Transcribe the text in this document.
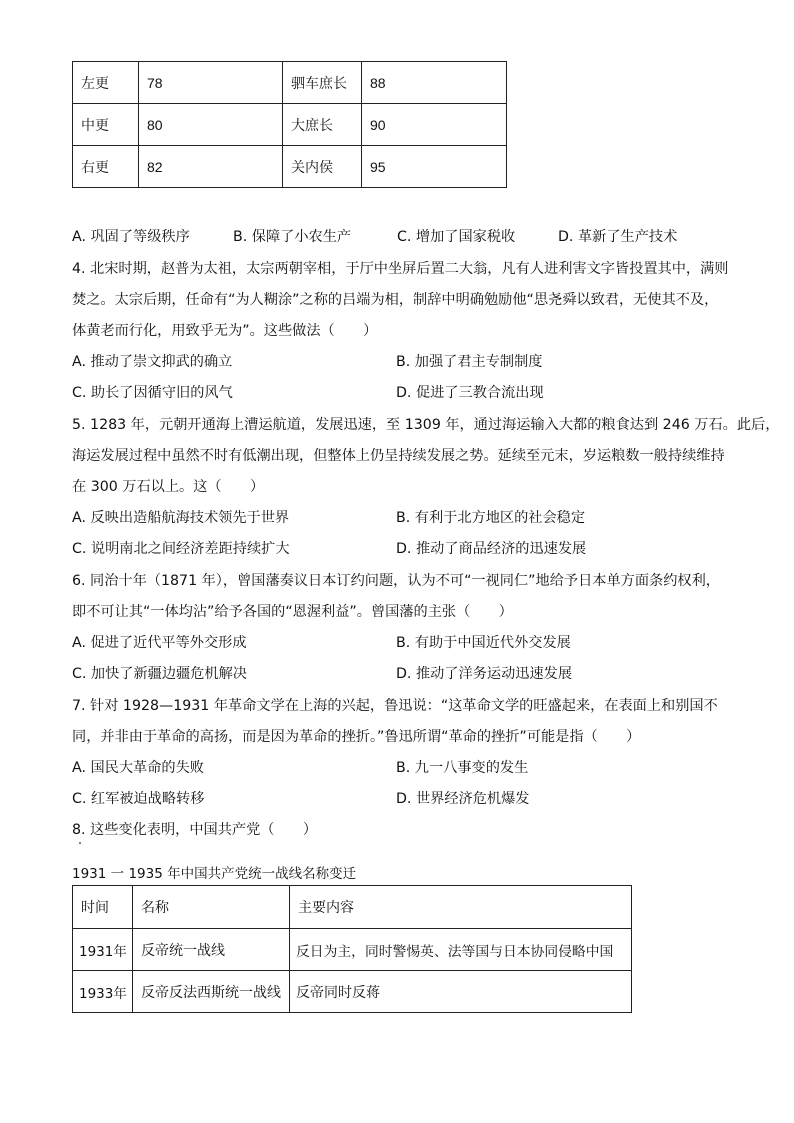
左更	78	驷车庶长	88
中更	80	大庶长	90
右更	82	关内侯	95
A. 巩固了等级秩序	B. 保障了小农生产	C. 增加了国家税收	D. 革新了生产技术
4. 北宋时期，赵普为太祖，太宗两朝宰相，于厅中坐屏后置二大翁，凡有人进利害文字皆投置其中，满则
焚之。太宗后期，任命有“为人糊涂”之称的吕端为相，制辞中明确勉励他“思尧舜以致君，无使其不及，
体黄老而行化，用致乎无为”。这些做法（　　）
A. 推动了崇文抑武的确立	B. 加强了君主专制制度
C. 助长了因循守旧的风气	D. 促进了三教合流出现
5. 1283 年，元朝开通海上漕运航道，发展迅速，至 1309 年，通过海运输入大都的粮食达到 246 万石。此后，
海运发展过程中虽然不时有低潮出现，但整体上仍呈持续发展之势。延续至元末，岁运粮数一般持续维持
在 300 万石以上。这（　　）
A. 反映出造船航海技术领先于世界	B. 有利于北方地区的社会稳定
C. 说明南北之间经济差距持续扩大	D. 推动了商品经济的迅速发展
6. 同治十年（1871 年），曾国藩奏议日本订约问题，认为不可“一视同仁”地给予日本单方面条约权利，
即不可让其“一体均沾”给予各国的“恩渥利益”。曾国藩的主张（　　）
A. 促进了近代平等外交形成	B. 有助于中国近代外交发展
C. 加快了新疆边疆危机解决	D. 推动了洋务运动迅速发展
7. 针对 1928—1931 年革命文学在上海的兴起，鲁迅说：“这革命文学的旺盛起来，在表面上和别国不
同，并非由于革命的高扬，而是因为革命的挫折。”鲁迅所谓“革命的挫折”可能是指（　　）
A. 国民大革命的失败	B. 九一八事变的发生
C. 红军被迫战略转移	D. 世界经济危机爆发
8. 这些变化表明，中国共产党（　　）
1931 一 1935 年中国共产党统一战线名称变迁
时间	名称	主要内容
1931年	反帝统一战线	反日为主，同时警惕英、法等国与日本协同侵略中国
1933年	反帝反法西斯统一战线	反帝同时反蒋
